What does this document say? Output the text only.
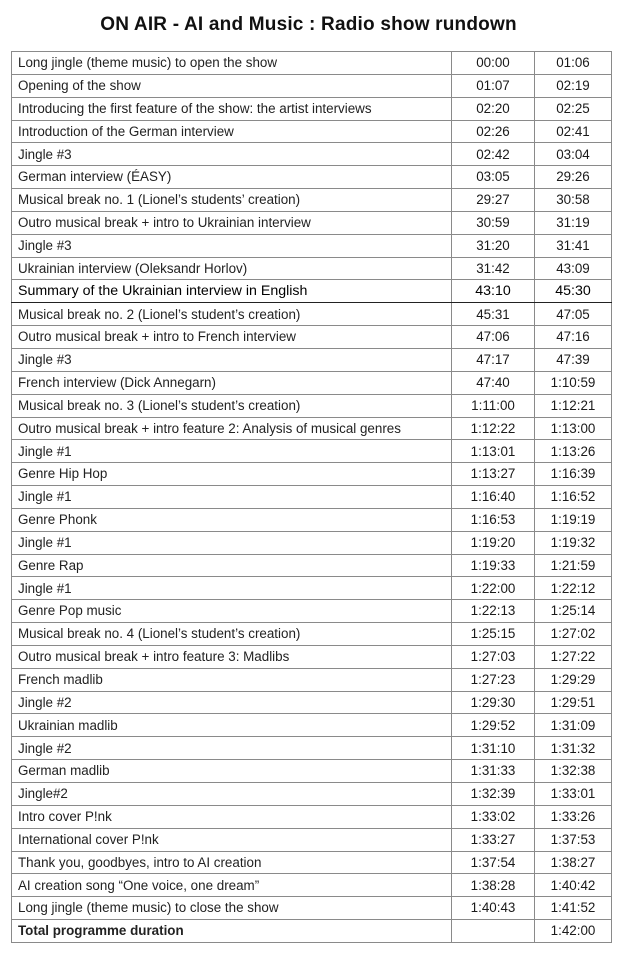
ON AIR - AI and Music : Radio show rundown
Long jingle (theme music) to open the show	00:00	01:06
Opening of the show	01:07	02:19
Introducing the first feature of the show: the artist interviews	02:20	02:25
Introduction of the German interview	02:26	02:41
Jingle #3	02:42	03:04
German interview (ÉASY)	03:05	29:26
Musical break no. 1 (Lionel’s students’ creation)	29:27	30:58
Outro musical break + intro to Ukrainian interview	30:59	31:19
Jingle #3	31:20	31:41
Ukrainian interview (Oleksandr Horlov)	31:42	43:09
Summary of the Ukrainian interview in English	43:10	45:30
Musical break no. 2 (Lionel’s student’s creation)	45:31	47:05
Outro musical break + intro to French interview	47:06	47:16
Jingle #3	47:17	47:39
French interview (Dick Annegarn)	47:40	1:10:59
Musical break no. 3 (Lionel’s student’s creation)	1:11:00	1:12:21
Outro musical break + intro feature 2: Analysis of musical genres	1:12:22	1:13:00
Jingle #1	1:13:01	1:13:26
Genre Hip Hop	1:13:27	1:16:39
Jingle #1	1:16:40	1:16:52
Genre Phonk	1:16:53	1:19:19
Jingle #1	1:19:20	1:19:32
Genre Rap	1:19:33	1:21:59
Jingle #1	1:22:00	1:22:12
Genre Pop music	1:22:13	1:25:14
Musical break no. 4 (Lionel’s student’s creation)	1:25:15	1:27:02
Outro musical break + intro feature 3: Madlibs	1:27:03	1:27:22
French madlib	1:27:23	1:29:29
Jingle #2	1:29:30	1:29:51
Ukrainian madlib	1:29:52	1:31:09
Jingle #2	1:31:10	1:31:32
German madlib	1:31:33	1:32:38
Jingle#2	1:32:39	1:33:01
Intro cover P!nk	1:33:02	1:33:26
International cover P!nk	1:33:27	1:37:53
Thank you, goodbyes, intro to AI creation	1:37:54	1:38:27
AI creation song “One voice, one dream”	1:38:28	1:40:42
Long jingle (theme music) to close the show	1:40:43	1:41:52
Total programme duration		1:42:00
